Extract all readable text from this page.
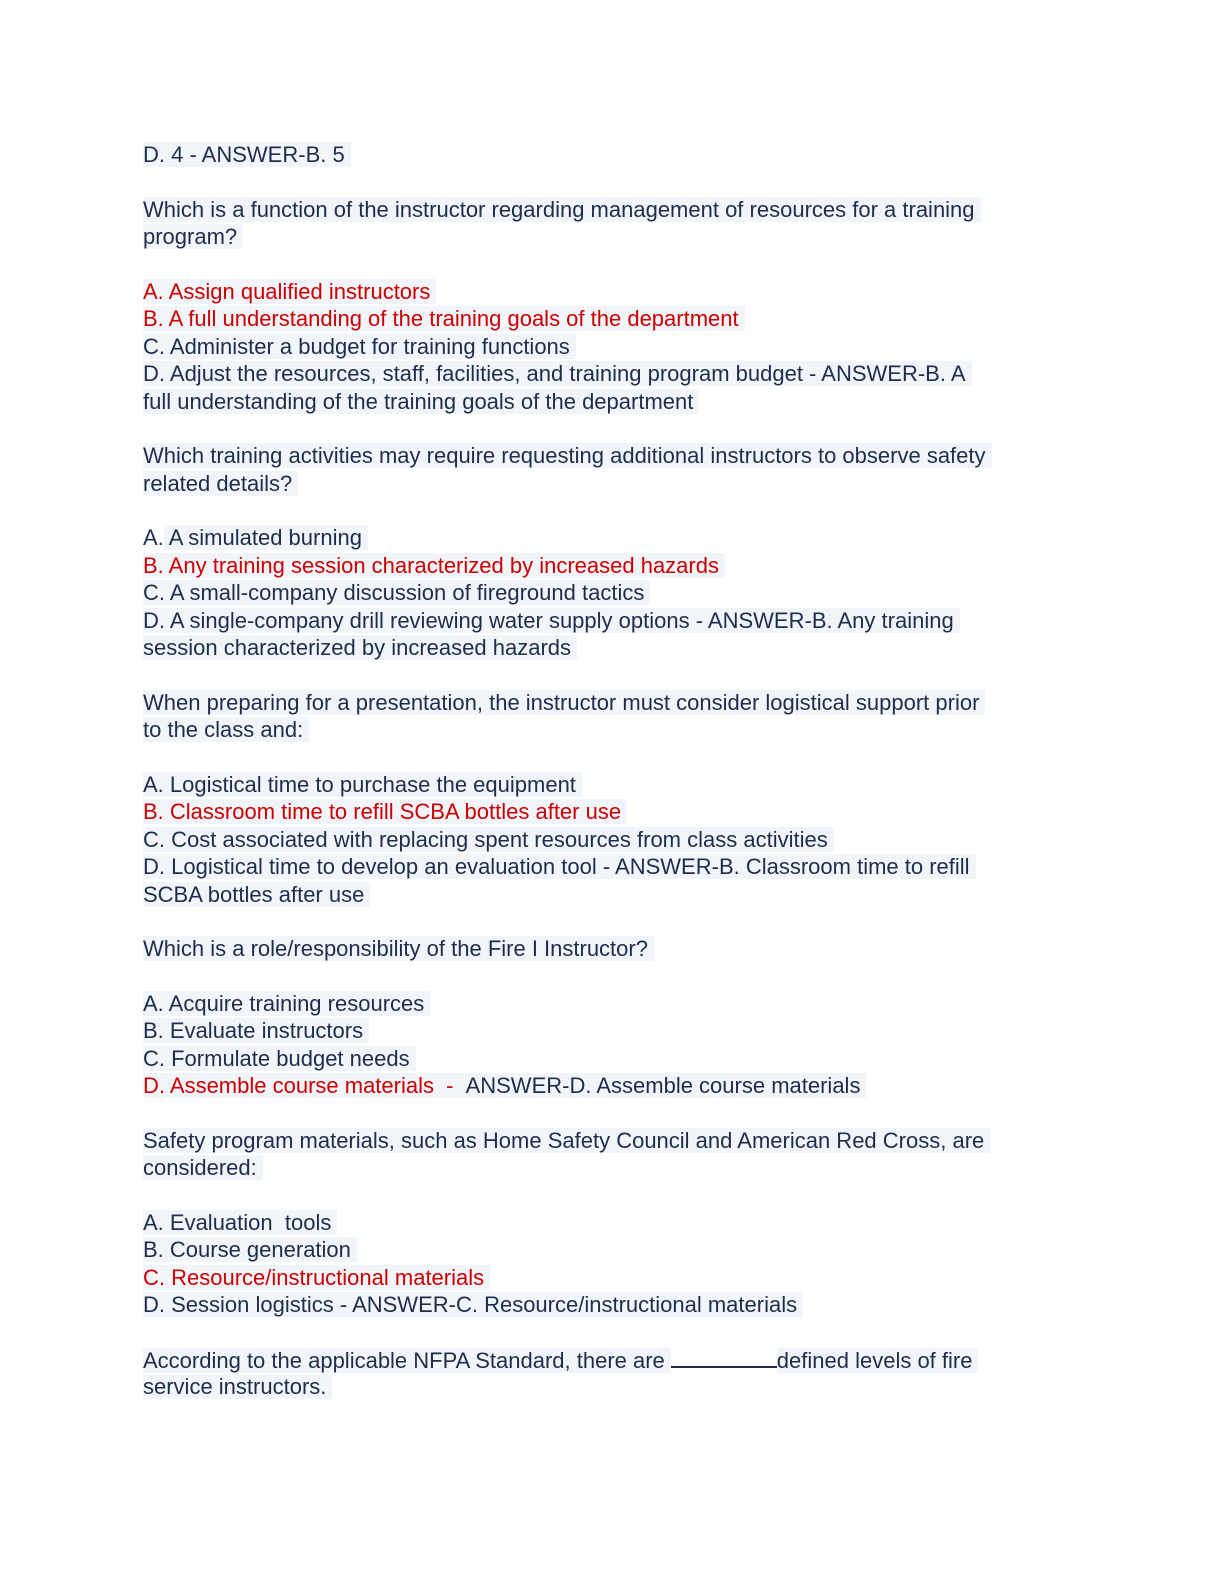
D. 4 - ANSWER-B. 5
Which is a function of the instructor regarding management of resources for a training
program?
A. Assign qualified instructors
B. A full understanding of the training goals of the department
C. Administer a budget for training functions
D. Adjust the resources, staff, facilities, and training program budget - ANSWER-B. A
full understanding of the training goals of the department
Which training activities may require requesting additional instructors to observe safety
related details?
A. A simulated burning
B. Any training session characterized by increased hazards
C. A small-company discussion of fireground tactics
D. A single-company drill reviewing water supply options - ANSWER-B. Any training
session characterized by increased hazards
When preparing for a presentation, the instructor must consider logistical support prior
to the class and:
A. Logistical time to purchase the equipment
B. Classroom time to refill SCBA bottles after use
C. Cost associated with replacing spent resources from class activities
D. Logistical time to develop an evaluation tool - ANSWER-B. Classroom time to refill
SCBA bottles after use
Which is a role/responsibility of the Fire I Instructor?
A. Acquire training resources
B. Evaluate instructors
C. Formulate budget needs
D. Assemble course materials - ANSWER-D. Assemble course materials
Safety program materials, such as Home Safety Council and American Red Cross, are
considered:
A. Evaluation  tools
B. Course generation
C. Resource/instructional materials
D. Session logistics - ANSWER-C. Resource/instructional materials
According to the applicable NFPA Standard, there are	defined levels of fire
service instructors.
